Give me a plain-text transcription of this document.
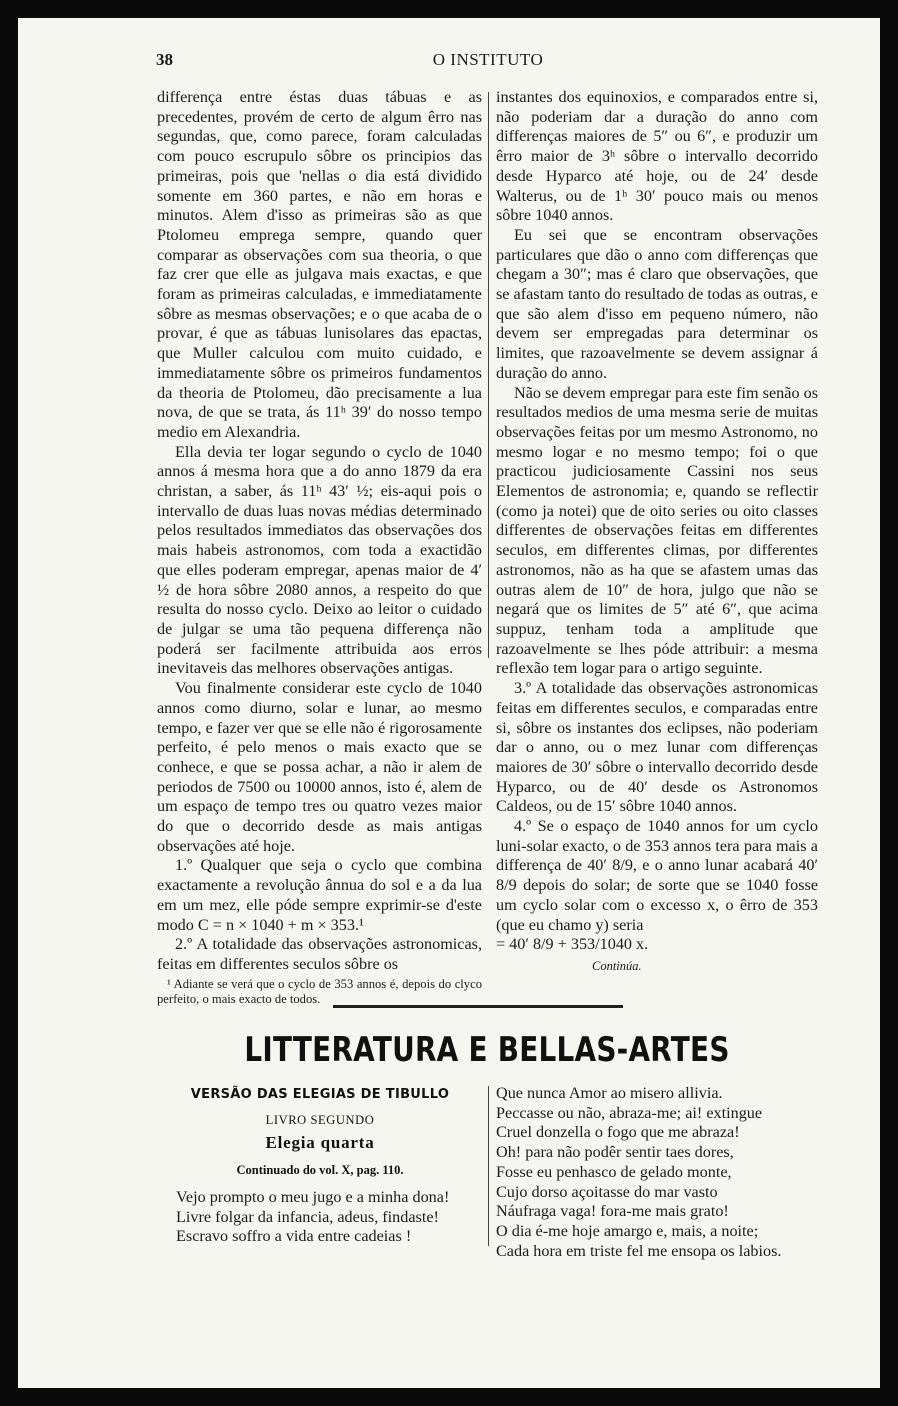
38	O INSTITUTO

differença entre éstas duas tábuas e as precedentes, provém de certo de algum êrro nas segundas, que, como parece, foram calculadas com pouco escrupulo sôbre os principios das primeiras, pois que 'nellas o dia está dividido somente em 360 partes, e não em horas e minutos. Alem d'isso as primeiras são as que Ptolomeu emprega sempre, quando quer comparar as observações com sua theoria, o que faz crer que elle as julgava mais exactas, e que foram as primeiras calculadas, e immediatamente sôbre as mesmas observações; e o que acaba de o provar, é que as tábuas lunisolares das epactas, que Muller calculou com muito cuidado, e immediatamente sôbre os primeiros fundamentos da theoria de Ptolomeu, dão precisamente a lua nova, de que se trata, ás 11ʰ 39′ do nosso tempo medio em Alexandria.

Ella devia ter logar segundo o cyclo de 1040 annos á mesma hora que a do anno 1879 da era christan, a saber, ás 11ʰ 43′ ½; eis-aqui pois o intervallo de duas luas novas médias determinado pelos resultados immediatos das observações dos mais habeis astronomos, com toda a exactidão que elles poderam empregar, apenas maior de 4′ ½ de hora sôbre 2080 annos, a respeito do que resulta do nosso cyclo. Deixo ao leitor o cuidado de julgar se uma tão pequena differença não poderá ser facilmente attribuida aos erros inevitaveis das melhores observações antigas.

Vou finalmente considerar este cyclo de 1040 annos como diurno, solar e lunar, ao mesmo tempo, e fazer ver que se elle não é rigorosamente perfeito, é pelo menos o mais exacto que se conhece, e que se possa achar, a não ir alem de periodos de 7500 ou 10000 annos, isto é, alem de um espaço de tempo tres ou quatro vezes maior do que o decorrido desde as mais antigas observações até hoje.

1.º Qualquer que seja o cyclo que combina exactamente a revolução ânnua do sol e a da lua em um mez, elle póde sempre exprimir-se d'este modo C = n × 1040 + m × 353.¹

2.º A totalidade das observações astronomicas, feitas em differentes seculos sôbre os

¹ Adiante se verá que o cyclo de 353 annos é, depois do clyco perfeito, o mais exacto de todos.

instantes dos equinoxios, e comparados entre si, não poderiam dar a duração do anno com differenças maiores de 5″ ou 6″, e produzir um êrro maior de 3ʰ sôbre o intervallo decorrido desde Hyparco até hoje, ou de 24′ desde Walterus, ou de 1ʰ 30′ pouco mais ou menos sôbre 1040 annos.

Eu sei que se encontram observações particulares que dão o anno com differenças que chegam a 30″; mas é claro que observações, que se afastam tanto do resultado de todas as outras, e que são alem d'isso em pequeno número, não devem ser empregadas para determinar os limites, que razoavelmente se devem assignar á duração do anno.

Não se devem empregar para este fim senão os resultados medios de uma mesma serie de muitas observações feitas por um mesmo Astronomo, no mesmo logar e no mesmo tempo; foi o que practicou judiciosamente Cassini nos seus Elementos de astronomia; e, quando se reflectir (como ja notei) que de oito series ou oito classes differentes de observações feitas em differentes seculos, em differentes climas, por differentes astronomos, não as ha que se afastem umas das outras alem de 10″ de hora, julgo que não se negará que os limites de 5″ até 6″, que acima suppuz, tenham toda a amplitude que razoavelmente se lhes póde attribuir: a mesma reflexão tem logar para o artigo seguinte.

3.º A totalidade das observações astronomicas feitas em differentes seculos, e comparadas entre si, sôbre os instantes dos eclipses, não poderiam dar o anno, ou o mez lunar com differenças maiores de 30′ sôbre o intervallo decorrido desde Hyparco, ou de 40′ desde os Astronomos Caldeos, ou de 15′ sôbre 1040 annos.

4.º Se o espaço de 1040 annos for um cyclo luni-solar exacto, o de 353 annos tera para mais a differença de 40′ 8/9, e o anno lunar acabará 40′ 8/9 depois do solar; de sorte que se 1040 fosse um cyclo solar com o excesso x, o êrro de 353 (que eu chamo y) seria

= 40′ 8/9 + 353/1040 x.

Continúa.
LITTERATURA E BELLAS-ARTES
VERSÃO DAS ELEGIAS DE TIBULLO
LIVRO SEGUNDO
Elegia quarta
Continuado do vol. X, pag. 110.
Vejo prompto o meu jugo e a minha dona!
Livre folgar da infancia, adeus, findaste!
Escravo soffro a vida entre cadeias !
Que nunca Amor ao misero allivia.
Peccasse ou não, abraza-me; ai! extingue
Cruel donzella o fogo que me abraza!
Oh! para não podêr sentir taes dores,
Fosse eu penhasco de gelado monte,
Cujo dorso açoitasse do mar vasto
Náufraga vaga! fora-me mais grato!
O dia é-me hoje amargo e, mais, a noite;
Cada hora em triste fel me ensopa os labios.
